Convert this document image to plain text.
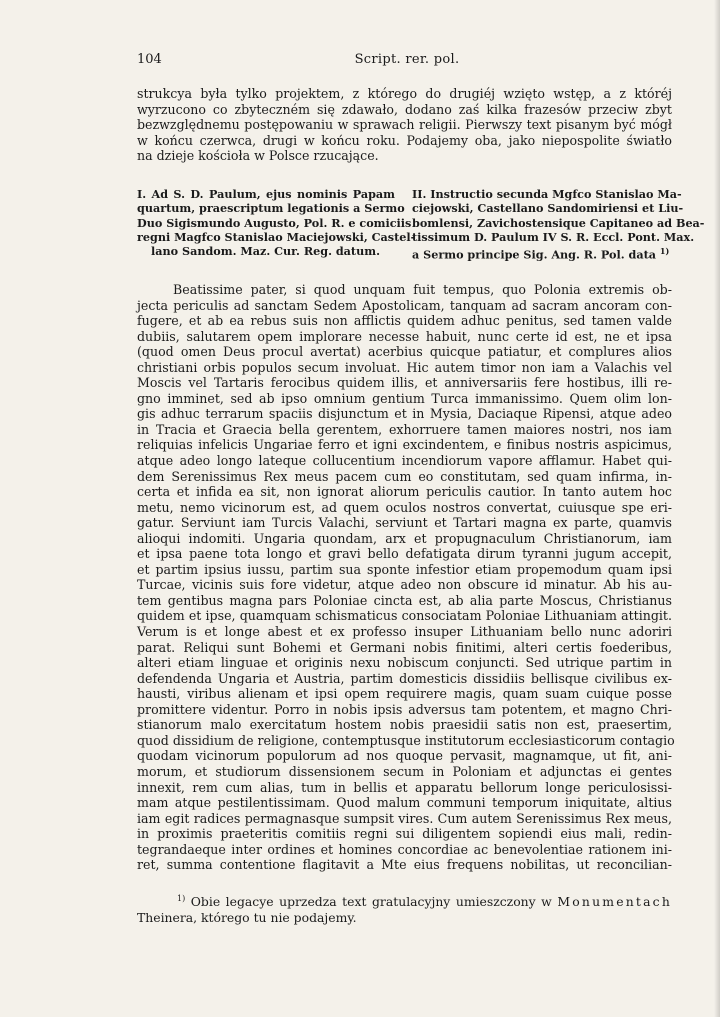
104	Script. rer. pol.
strukcya była tylko projektem, z którego do drugiéj wzięto wstęp, a z któréj
wyrzucono co zbyteczném się zdawało, dodano zaś kilka frazesów przeciw zbyt
bezwzględnemu postępowaniu w sprawach religii. Pierwszy text pisanym być mógł
w końcu czerwca, drugi w końcu roku. Podajemy oba, jako niepospolite światło
na dzieje kościoła w Polsce rzucające.
I. Ad S. D. Paulum, ejus nominis Papam
quartum, praescriptum legationis a Sermo
Duo Sigismundo Augusto, Pol. R. e comiciis
regni Magfco Stanislao Maciejowski, Castel-
lano Sandom. Maz. Cur. Reg. datum.
II. Instructio secunda Mgfco Stanislao Ma-
ciejowski, Castellano Sandomiriensi et Liu-
bomlensi, Zavichostensique Capitaneo ad Bea-
tissimum D. Paulum IV S. R. Eccl. Pont. Max.
a Sermo principe Sig. Ang. R. Pol. data $^{1)}$
Beatissime pater, si quod unquam fuit tempus, quo Polonia extremis ob-
jecta periculis ad sanctam Sedem Apostolicam, tanquam ad sacram ancoram con-
fugere, et ab ea rebus suis non afflictis quidem adhuc penitus, sed tamen valde
dubiis, salutarem opem implorare necesse habuit, nunc certe id est, ne et ipsa
(quod omen Deus procul avertat) acerbius quicque patiatur, et complures alios
christiani orbis populos secum involuat. Hic autem timor non iam a Valachis vel
Moscis vel Tartaris ferocibus quidem illis, et anniversariis fere hostibus, illi re-
gno imminet, sed ab ipso omnium gentium Turca immanissimo. Quem olim lon-
gis adhuc terrarum spaciis disjunctum et in Mysia, Daciaque Ripensi, atque adeo
in Tracia et Graecia bella gerentem, exhorruere tamen maiores nostri, nos iam
reliquias infelicis Ungariae ferro et igni excindentem, e finibus nostris aspicimus,
atque adeo longo lateque collucentium incendiorum vapore afflamur. Habet qui-
dem Serenissimus Rex meus pacem cum eo constitutam, sed quam infirma, in-
certa et infida ea sit, non ignorat aliorum periculis cautior. In tanto autem hoc
metu, nemo vicinorum est, ad quem oculos nostros convertat, cuiusque spe eri-
gatur. Serviunt iam Turcis Valachi, serviunt et Tartari magna ex parte, quamvis
alioqui indomiti. Ungaria quondam, arx et propugnaculum Christianorum, iam
et ipsa paene tota longo et gravi bello defatigata dirum tyranni jugum accepit,
et partim ipsius iussu, partim sua sponte infestior etiam propemodum quam ipsi
Turcae, vicinis suis fore videtur, atque adeo non obscure id minatur. Ab his au-
tem gentibus magna pars Poloniae cincta est, ab alia parte Moscus, Christianus
quidem et ipse, quamquam schismaticus consociatam Poloniae Lithuaniam attingit.
Verum is et longe abest et ex professo insuper Lithuaniam bello nunc adoriri
parat. Reliqui sunt Bohemi et Germani nobis finitimi, alteri certis foederibus,
alteri etiam linguae et originis nexu nobiscum conjuncti. Sed utrique partim in
defendenda Ungaria et Austria, partim domesticis dissidiis bellisque civilibus ex-
hausti, viribus alienam et ipsi opem requirere magis, quam suam cuique posse
promittere videntur. Porro in nobis ipsis adversus tam potentem, et magno Chri-
stianorum malo exercitatum hostem nobis praesidii satis non est, praesertim,
quod dissidium de religione, contemptusque institutorum ecclesiasticorum contagio
quodam vicinorum populorum ad nos quoque pervasit, magnamque, ut fit, ani-
morum, et studiorum dissensionem secum in Poloniam et adjunctas ei gentes
innexit, rem cum alias, tum in bellis et apparatu bellorum longe periculosissi-
mam atque pestilentissimam. Quod malum communi temporum iniquitate, altius
iam egit radices permagnasque sumpsit vires. Cum autem Serenissimus Rex meus,
in proximis praeteritis comitiis regni sui diligentem sopiendi eius mali, redin-
tegrandaeque inter ordines et homines concordiae ac benevolentiae rationem ini-
ret, summa contentione flagitavit a Mte eius frequens nobilitas, ut reconcilian-
$^{1)}$ Obie legacye uprzedza text gratulacyjny umieszczony w Monumentach
Theinera, którego tu nie podajemy.
